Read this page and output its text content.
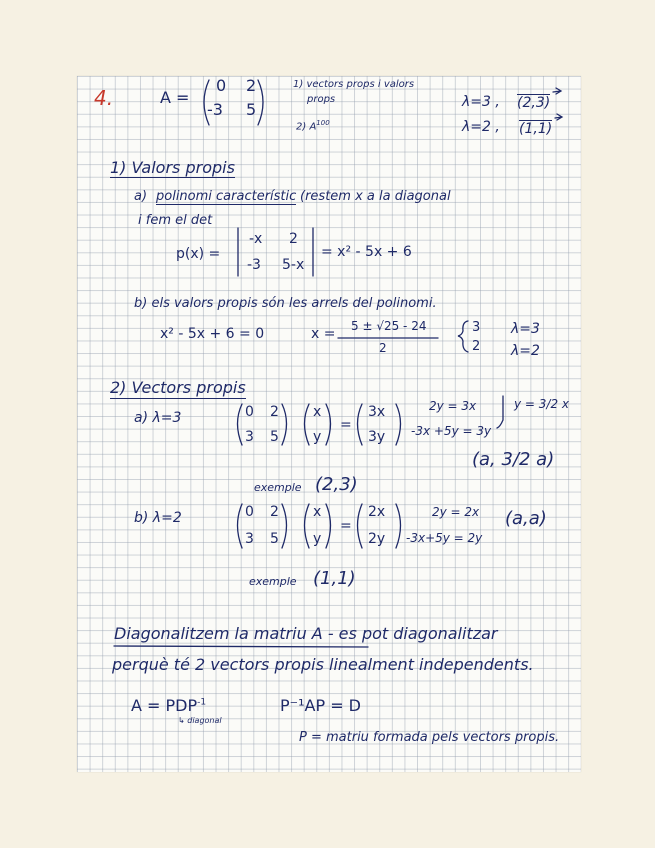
4.	A =
0 2
-3 5
1) vectors props i valors
props
2) $A^{100}$
λ=3 , (2,3)
λ=2 , (1,1)
1) Valors propis
a) polinomi característic (restem x a la diagonal
i fem el det
p(x) =
-x 2
-3 5-x
= x² - 5x + 6
b) els valors propis són les arrels del polinomi.
x² - 5x + 6 = 0	x = 5 ± √25 - 24
2
3
2
λ=3
λ=2
2) Vectors propis
a) λ=3	0 2
3 5
x
y
=
3x
3y
2y = 3x
-3x +5y = 3y
y = 3/2 x
(a, 3/2 a)
exemple (2,3)
b) λ=2	0 2
3 5
x
y
=
2x
2y
2y = 2x
-3x+5y = 2y
(a,a)
exemple (1,1)
Diagonalitzem la matriu A - es pot diagonalitzar
perquè té 2 vectors propis linealment independents.
$A = PDP^{-1}$
↳ diagonal
P⁻¹AP = D
P = matriu formada pels vectors propis.
